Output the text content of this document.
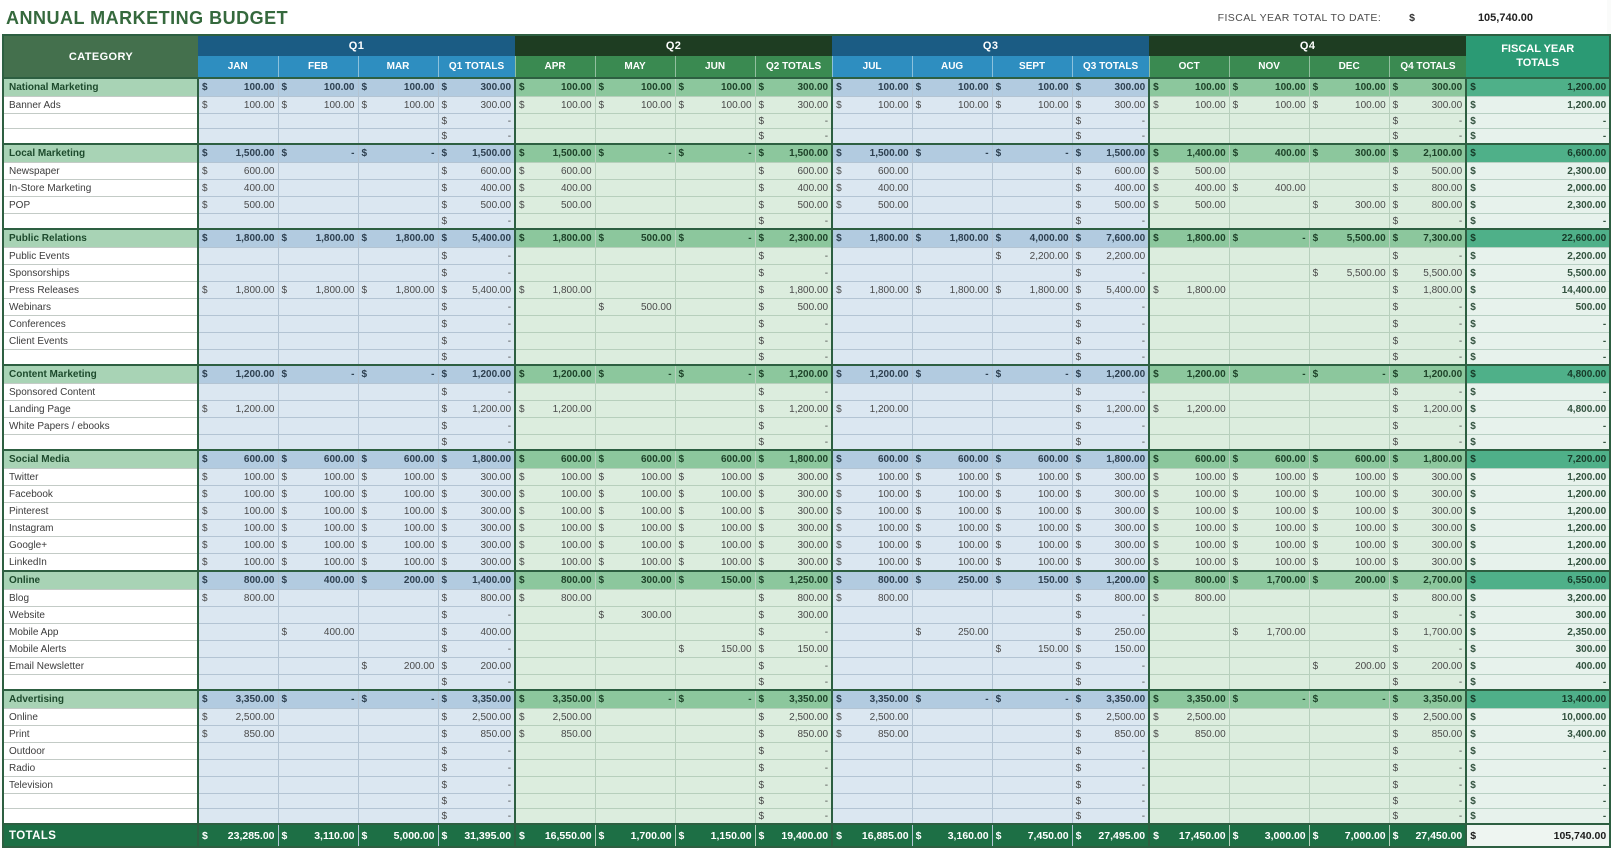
ANNUAL MARKETING BUDGET	FISCAL YEAR TOTAL TO DATE:	$	105,740.00
CATEGORY	Q1				Q2				Q3				Q4				FISCAL YEAR TOTALS
	JAN	FEB	MAR	Q1 TOTALS	APR	MAY	JUN	Q2 TOTALS	JUL	AUG	SEPT	Q3 TOTALS	OCT	NOV	DEC	Q4 TOTALS	
National Marketing	$ 100.00	$ 100.00	$ 100.00	$ 300.00	$ 100.00	$ 100.00	$ 100.00	$ 300.00	$ 100.00	$ 100.00	$ 100.00	$ 300.00	$ 100.00	$ 100.00	$ 100.00	$ 300.00	$ 1,200.00

Banner Ads	$ 100.00	$ 100.00	$ 100.00	$ 300.00	$ 100.00	$ 100.00	$ 100.00	$ 300.00	$ 100.00	$ 100.00	$ 100.00	$ 300.00	$ 100.00	$ 100.00	$ 100.00	$ 300.00	$ 1,200.00

				$ -				$ -				$ -				$ -	$ -

				$ -				$ -				$ -				$ -	$ -

Local Marketing	$ 1,500.00	$ -	$ -	$ 1,500.00	$ 1,500.00	$ -	$ -	$ 1,500.00	$ 1,500.00	$ -	$ -	$ 1,500.00	$ 1,400.00	$ 400.00	$ 300.00	$ 2,100.00	$ 6,600.00

Newspaper	$ 600.00			$ 600.00	$ 600.00			$ 600.00	$ 600.00			$ 600.00	$ 500.00			$ 500.00	$ 2,300.00

In-Store Marketing	$ 400.00			$ 400.00	$ 400.00			$ 400.00	$ 400.00			$ 400.00	$ 400.00	$ 400.00		$ 800.00	$ 2,000.00

POP	$ 500.00			$ 500.00	$ 500.00			$ 500.00	$ 500.00			$ 500.00	$ 500.00		$ 300.00	$ 800.00	$ 2,300.00

				$ -				$ -				$ -				$ -	$ -

Public Relations	$ 1,800.00	$ 1,800.00	$ 1,800.00	$ 5,400.00	$ 1,800.00	$ 500.00	$ -	$ 2,300.00	$ 1,800.00	$ 1,800.00	$ 4,000.00	$ 7,600.00	$ 1,800.00	$ -	$ 5,500.00	$ 7,300.00	$ 22,600.00

Public Events				$ -				$ -			$ 2,200.00	$ 2,200.00				$ -	$ 2,200.00

Sponsorships				$ -				$ -				$ -			$ 5,500.00	$ 5,500.00	$ 5,500.00

Press Releases	$ 1,800.00	$ 1,800.00	$ 1,800.00	$ 5,400.00	$ 1,800.00			$ 1,800.00	$ 1,800.00	$ 1,800.00	$ 1,800.00	$ 5,400.00	$ 1,800.00			$ 1,800.00	$ 14,400.00

Webinars				$ -		$ 500.00		$ 500.00				$ -				$ -	$ 500.00

Conferences				$ -				$ -				$ -				$ -	$ -

Client Events				$ -				$ -				$ -				$ -	$ -

				$ -				$ -				$ -				$ -	$ -

Content Marketing	$ 1,200.00	$ -	$ -	$ 1,200.00	$ 1,200.00	$ -	$ -	$ 1,200.00	$ 1,200.00	$ -	$ -	$ 1,200.00	$ 1,200.00	$ -	$ -	$ 1,200.00	$ 4,800.00

Sponsored Content				$ -				$ -				$ -				$ -	$ -

Landing Page	$ 1,200.00			$ 1,200.00	$ 1,200.00			$ 1,200.00	$ 1,200.00			$ 1,200.00	$ 1,200.00			$ 1,200.00	$ 4,800.00

White Papers / ebooks				$ -				$ -				$ -				$ -	$ -

				$ -				$ -				$ -				$ -	$ -

Social Media	$ 600.00	$ 600.00	$ 600.00	$ 1,800.00	$ 600.00	$ 600.00	$ 600.00	$ 1,800.00	$ 600.00	$ 600.00	$ 600.00	$ 1,800.00	$ 600.00	$ 600.00	$ 600.00	$ 1,800.00	$ 7,200.00

Twitter	$ 100.00	$ 100.00	$ 100.00	$ 300.00	$ 100.00	$ 100.00	$ 100.00	$ 300.00	$ 100.00	$ 100.00	$ 100.00	$ 300.00	$ 100.00	$ 100.00	$ 100.00	$ 300.00	$ 1,200.00

Facebook	$ 100.00	$ 100.00	$ 100.00	$ 300.00	$ 100.00	$ 100.00	$ 100.00	$ 300.00	$ 100.00	$ 100.00	$ 100.00	$ 300.00	$ 100.00	$ 100.00	$ 100.00	$ 300.00	$ 1,200.00

Pinterest	$ 100.00	$ 100.00	$ 100.00	$ 300.00	$ 100.00	$ 100.00	$ 100.00	$ 300.00	$ 100.00	$ 100.00	$ 100.00	$ 300.00	$ 100.00	$ 100.00	$ 100.00	$ 300.00	$ 1,200.00

Instagram	$ 100.00	$ 100.00	$ 100.00	$ 300.00	$ 100.00	$ 100.00	$ 100.00	$ 300.00	$ 100.00	$ 100.00	$ 100.00	$ 300.00	$ 100.00	$ 100.00	$ 100.00	$ 300.00	$ 1,200.00

Google+	$ 100.00	$ 100.00	$ 100.00	$ 300.00	$ 100.00	$ 100.00	$ 100.00	$ 300.00	$ 100.00	$ 100.00	$ 100.00	$ 300.00	$ 100.00	$ 100.00	$ 100.00	$ 300.00	$ 1,200.00

LinkedIn	$ 100.00	$ 100.00	$ 100.00	$ 300.00	$ 100.00	$ 100.00	$ 100.00	$ 300.00	$ 100.00	$ 100.00	$ 100.00	$ 300.00	$ 100.00	$ 100.00	$ 100.00	$ 300.00	$ 1,200.00

Online	$ 800.00	$ 400.00	$ 200.00	$ 1,400.00	$ 800.00	$ 300.00	$ 150.00	$ 1,250.00	$ 800.00	$ 250.00	$ 150.00	$ 1,200.00	$ 800.00	$ 1,700.00	$ 200.00	$ 2,700.00	$ 6,550.00

Blog	$ 800.00			$ 800.00	$ 800.00			$ 800.00	$ 800.00			$ 800.00	$ 800.00			$ 800.00	$ 3,200.00

Website				$ -		$ 300.00		$ 300.00				$ -				$ -	$ 300.00

Mobile App		$ 400.00		$ 400.00				$ -		$ 250.00		$ 250.00		$ 1,700.00		$ 1,700.00	$ 2,350.00

Mobile Alerts				$ -			$ 150.00	$ 150.00			$ 150.00	$ 150.00				$ -	$ 300.00

Email Newsletter			$ 200.00	$ 200.00				$ -				$ -			$ 200.00	$ 200.00	$ 400.00

				$ -				$ -				$ -				$ -	$ -

Advertising	$ 3,350.00	$ -	$ -	$ 3,350.00	$ 3,350.00	$ -	$ -	$ 3,350.00	$ 3,350.00	$ -	$ -	$ 3,350.00	$ 3,350.00	$ -	$ -	$ 3,350.00	$ 13,400.00

Online	$ 2,500.00			$ 2,500.00	$ 2,500.00			$ 2,500.00	$ 2,500.00			$ 2,500.00	$ 2,500.00			$ 2,500.00	$ 10,000.00

Print	$ 850.00			$ 850.00	$ 850.00			$ 850.00	$ 850.00			$ 850.00	$ 850.00			$ 850.00	$ 3,400.00

Outdoor				$ -				$ -				$ -				$ -	$ -

Radio				$ -				$ -				$ -				$ -	$ -

Television				$ -				$ -				$ -				$ -	$ -

				$ -				$ -				$ -				$ -	$ -

				$ -				$ -				$ -				$ -	$ -

TOTALS	$ 23,285.00	$ 3,110.00	$ 5,000.00	$ 31,395.00	$ 16,550.00	$ 1,700.00	$ 1,150.00	$ 19,400.00	$ 16,885.00	$ 3,160.00	$ 7,450.00	$ 27,495.00	$ 17,450.00	$ 3,000.00	$ 7,000.00	$ 27,450.00	$ 105,740.00
